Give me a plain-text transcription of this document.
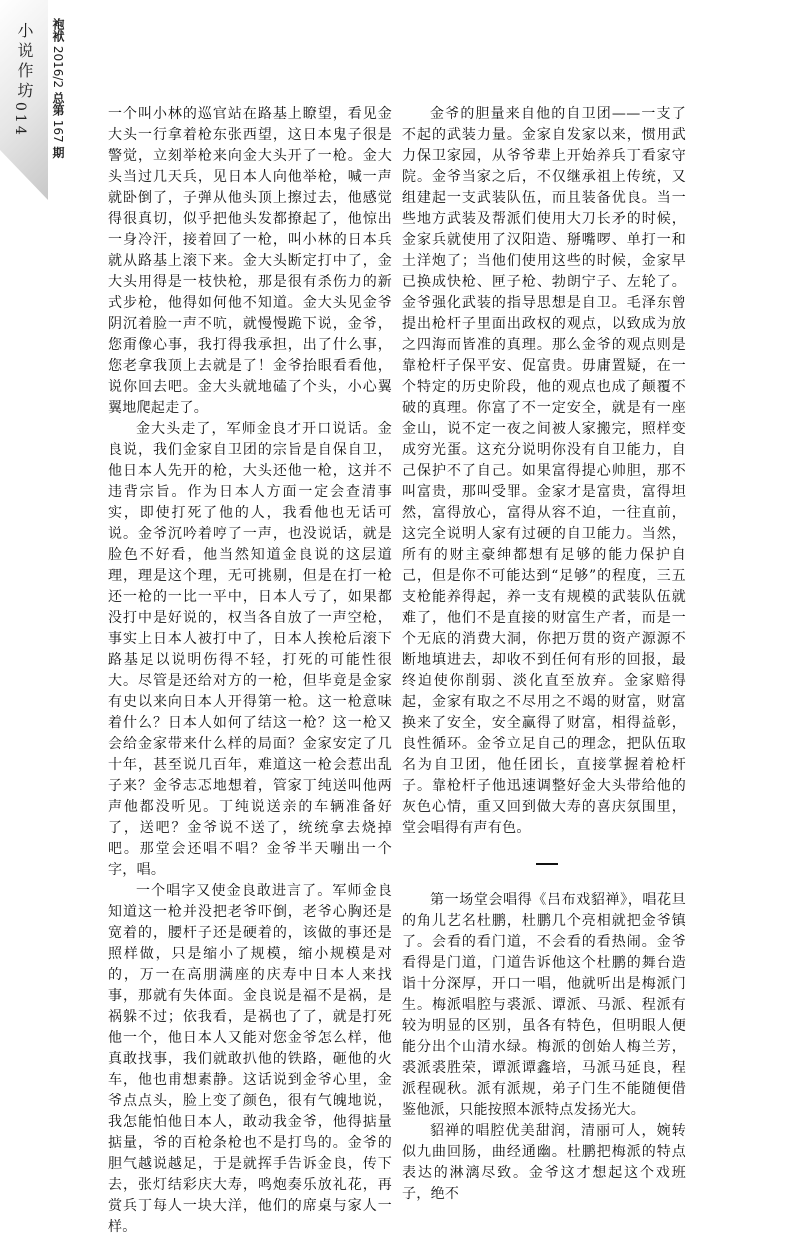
小说作坊
014
袍袱 2016/2 总第 167 期

一个叫小林的巡官站在路基上瞭望，看见金大头一行拿着枪东张西望，这日本鬼子很是警觉，立刻举枪来向金大头开了一枪。金大头当过几天兵，见日本人向他举枪，喊一声就卧倒了，子弹从他头顶上擦过去，他感觉得很真切，似乎把他头发都撩起了，他惊出一身冷汗，接着回了一枪，叫小林的日本兵就从路基上滚下来。金大头断定打中了，金大头用得是一枝快枪，那是很有杀伤力的新式步枪，他得如何他不知道。金大头见金爷阴沉着脸一声不吭，就慢慢跪下说，金爷，您甭像心事，我打得我承担，出了什么事，您老拿我顶上去就是了！金爷抬眼看看他，说你回去吧。金大头就地磕了个头，小心翼翼地爬起走了。

金大头走了，军师金良才开口说话。金良说，我们金家自卫团的宗旨是自保自卫，他日本人先开的枪，大头还他一枪，这并不违背宗旨。作为日本人方面一定会查清事实，即使打死了他的人，我看他也无话可说。金爷沉吟着哼了一声，也没说话，就是脸色不好看，他当然知道金良说的这层道理，理是这个理，无可挑剔，但是在打一枪还一枪的一比一平中，日本人亏了，如果都没打中是好说的，权当各自放了一声空枪，事实上日本人被打中了，日本人挨枪后滚下路基足以说明伤得不轻，打死的可能性很大。尽管是还给对方的一枪，但毕竟是金家有史以来向日本人开得第一枪。这一枪意味着什么？日本人如何了结这一枪？这一枪又会给金家带来什么样的局面？金家安定了几十年，甚至说几百年，难道这一枪会惹出乱子来？金爷志忑地想着，管家丁纯送叫他两声他都没听见。丁纯说送亲的车辆准备好了，送吧？金爷说不送了，统统拿去烧掉吧。那堂会还唱不唱？金爷半天嘣出一个字，唱。

一个唱字又使金良敢进言了。军师金良知道这一枪并没把老爷吓倒，老爷心胸还是宽着的，腰杆子还是硬着的，该做的事还是照样做，只是缩小了规模，缩小规模是对的，万一在高朋满座的庆寿中日本人来找事，那就有失体面。金良说是福不是祸，是祸躲不过；依我看，是祸也了了，就是打死他一个，他日本人又能对您金爷怎么样，他真敢找事，我们就敢扒他的铁路，砸他的火车，他也甫想素静。这话说到金爷心里，金爷点点头，脸上变了颜色，很有气魄地说，我怎能怕他日本人，敢动我金爷，他得掂量掂量，爷的百枪条枪也不是打鸟的。金爷的胆气越说越足，于是就挥手告诉金良，传下去，张灯结彩庆大寿，鸣炮奏乐放礼花，再赏兵丁每人一块大洋，他们的席桌与家人一样。

金爷的胆量来自他的自卫团——一支了不起的武装力量。金家自发家以来，惯用武力保卫家园，从爷爷辈上开始养兵丁看家守院。金爷当家之后，不仅继承祖上传统，又组建起一支武装队伍，而且装备优良。当一些地方武装及帮派们使用大刀长矛的时候，金家兵就使用了汉阳造、掰嘴啰、单打一和土洋炮了；当他们使用这些的时候，金家早已换成快枪、匣子枪、勃朗宁子、左轮了。金爷强化武装的指导思想是自卫。毛泽东曾提出枪杆子里面出政权的观点，以致成为放之四海而皆准的真理。那么金爷的观点则是靠枪杆子保平安、促富贵。毋庸置疑，在一个特定的历史阶段，他的观点也成了颠覆不破的真理。你富了不一定安全，就是有一座金山，说不定一夜之间被人家搬完，照样变成穷光蛋。这充分说明你没有自卫能力，自己保护不了自己。如果富得提心帅胆，那不叫富贵，那叫受罪。金家才是富贵，富得坦然，富得放心，富得从容不迫，一往直前，这完全说明人家有过硬的自卫能力。当然，所有的财主豪绅都想有足够的能力保护自己，但是你不可能达到“足够”的程度，三五支枪能养得起，养一支有规模的武装队伍就难了，他们不是直接的财富生产者，而是一个无底的消费大洞，你把万贯的资产源源不断地填进去，却收不到任何有形的回报，最终迫使你削弱、淡化直至放弃。金家赔得起，金家有取之不尽用之不竭的财富，财富换来了安全，安全赢得了财富，相得益彰，良性循环。金爷立足自己的理念，把队伍取名为自卫团，他任团长，直接掌握着枪杆子。靠枪杆子他迅速调整好金大头带给他的灰色心情，重又回到做大寿的喜庆氛围里，堂会唱得有声有色。

第一场堂会唱得《吕布戏貂禅》，唱花旦的角儿艺名杜鹏，杜鹏几个亮相就把金爷镇了。会看的看门道，不会看的看热闹。金爷看得是门道，门道告诉他这个杜鹏的舞台造诣十分深厚，开口一唱，他就听出是梅派门生。梅派唱腔与裘派、谭派、马派、程派有较为明显的区别，虽各有特色，但明眼人便能分出个山清水绿。梅派的创始人梅兰芳，裘派裘胜荣，谭派谭鑫培，马派马延良，程派程砚秋。派有派规，弟子门生不能随便借鉴他派，只能按照本派特点发扬光大。

貂禅的唱腔优美甜润，清丽可人，婉转似九曲回肠，曲经通幽。杜鹏把梅派的特点表达的淋漓尽致。金爷这才想起这个戏班子，绝不
